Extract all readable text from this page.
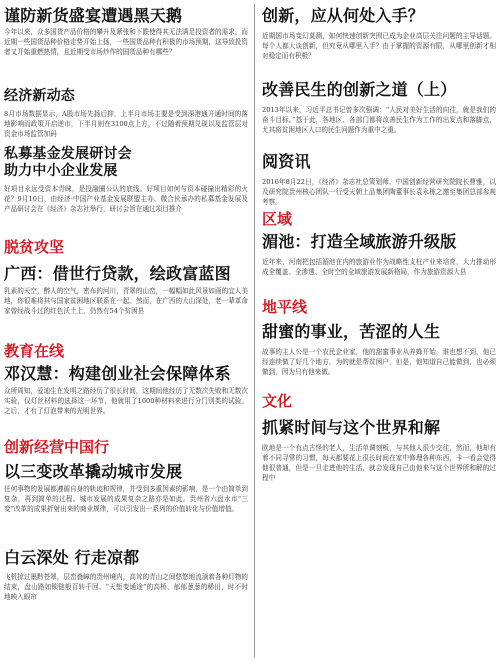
谨防新货盛宴遭遇黑天鹅
今年以来，众多国货产品价格的攀升及紧张和下跌使得其无法满足投资者的需求，而近期一些国货品种价格走势开始上扬，一些国货品种有积极的市场预期，这导致投资者又开始重燃热情，且近期受市场炒作的国货品种有哪些？
经济新动态
8月市场数据显示，A股市场先扬后抑，上半月市场主要是受到深港通开通时间的落地影响而政策开启逆市，下半月则在3100点上方，不过随着预期兑现以及监管层对资金市场监管加码
私募基金发展研讨会
助力中小企业发展
好项目永远受资本青睐，是投融圈公认的底线。好项目如何与资本碰撞出精彩的火花？9月10日，由经济·中国产业基金发展联盟主办、微合伙承办的私募基金发展及产品研讨会在《经济》杂志社举行，研讨会旨在通过项目推介
脱贫攻坚
广西：借世行贷款，绘政富蓝图
乳素的天空，醉人的空气，密布的河川，青翠的山峦，一幅幅如此风景如画的宜人美地，你很难将其与国家贫困地区联系在一起。然而，在广西的大山深处，老一辈革命家曾经战斗过的红色沃土上，仍然有54个贫困县
教育在线
邓汉慧：构建创业社会保障体系
众所周知，爱迪生在发明之路经历了很长时间，这期间他经历了无数次失败和无数次实验，仅灯丝材料的选择这一环节，他就用了1600种材料来进行分门别类的试验。之后，才有了灯泡带来的光明世界。
创新经营中国行
以三变改革撬动城市发展
任何事物的发展都遵循自身的轨迹和规律，并受到多重因素的影响，是一个由简单到复杂，再到简单的过程。城市发展的成果复杂之路亦是如此。贵州省六盘水市“三变”改革的成果折射出来的商业规律，可以引发出一系列的价值转化与价值增值。
白云深处 行走凉都
飞机掠过墨黔苍翠，层峦叠嶂的贵州境内，高耸的青山之间悠悠地流淌着各种灯物的结束，盘山路如锁链般百转千回。“天堑变通途”的高桥、郁郁葱葱的稀田，时不时地映入眼帘
创新，应从何处入手？
近期国市场变幻莫测，如何快速创新突围已成为企业高层关注问题的主导话题。每个人都大谈创新，但究竟从哪里入手？由于掌握的资源有限，从哪里创新才相对稳定而有积极？
改善民生的创新之道（上）
2013年以来，习近平总书记曾多次强调：“人民对美好生活的向往，就是我们的奋斗目标。”基于此，各地区、各部门都将改善民生作为工作的出发点和落脚点，尤其将贫困地区人口的民生问题作为重中之重。
阅资讯
2016年8月22日，《经济》杂志社总策划师、中国创新经营研究院院长曹雅，以及研究院贵州核心团队一行受天朝上品集团陶董事长袁永栋之邀至集团总部参观考察。
区域
湄池：打造全域旅游升级版
近年来，河南把包括湄池在内的旅游业作为战略性支柱产业来培育，大力推动形成全覆盖、全渗透、全时空的全域旅游发展新格局，作为旅游资源大县
地平线
甜蜜的事业，苦涩的人生
故事的主人公是一个农民企业家，他的甜蜜事业从养蜂开始，谁也想不到，他已经连续做了好几个地方，为的就是帮贫困户，但是，他知道自己能做到，也必须做到，因为只有他来做。
文化
抓紧时间与这个世界和解
欧地是一个有点古怪的老人，生活单调刻板，与其他人很少交往，然而，他却有着不同寻常的习惯，每天都要花上很长时间在家中修理各种东西，卡一看会觉得他很普通，但是一旦走进他的生活，就会发现自己由他来与这个世界所和解的过程中
